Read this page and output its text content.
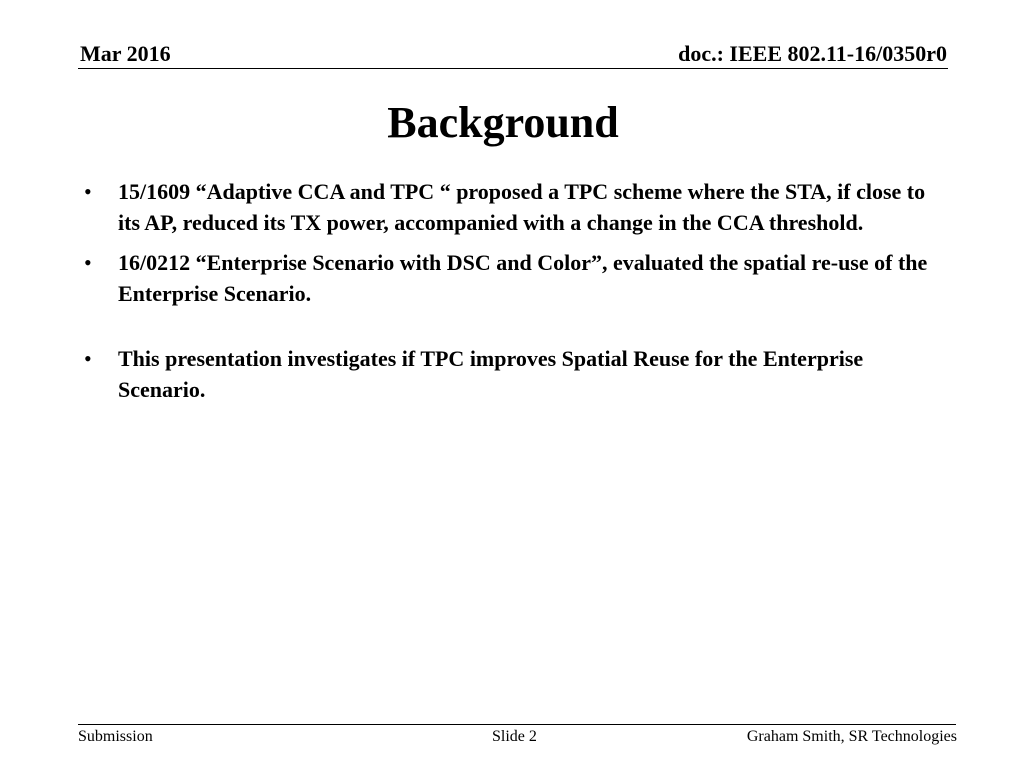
Mar 2016	doc.: IEEE 802.11-16/0350r0
Background
• 15/1609 “Adaptive CCA and TPC “ proposed a TPC scheme where the STA, if close to its AP, reduced its TX power, accompanied with a change in the CCA threshold.
• 16/0212 “Enterprise Scenario with DSC and Color”, evaluated the spatial re-use of the Enterprise Scenario.
• This presentation investigates if TPC improves Spatial Reuse for the Enterprise Scenario.
Submission	Slide 2	Graham Smith, SR Technologies
